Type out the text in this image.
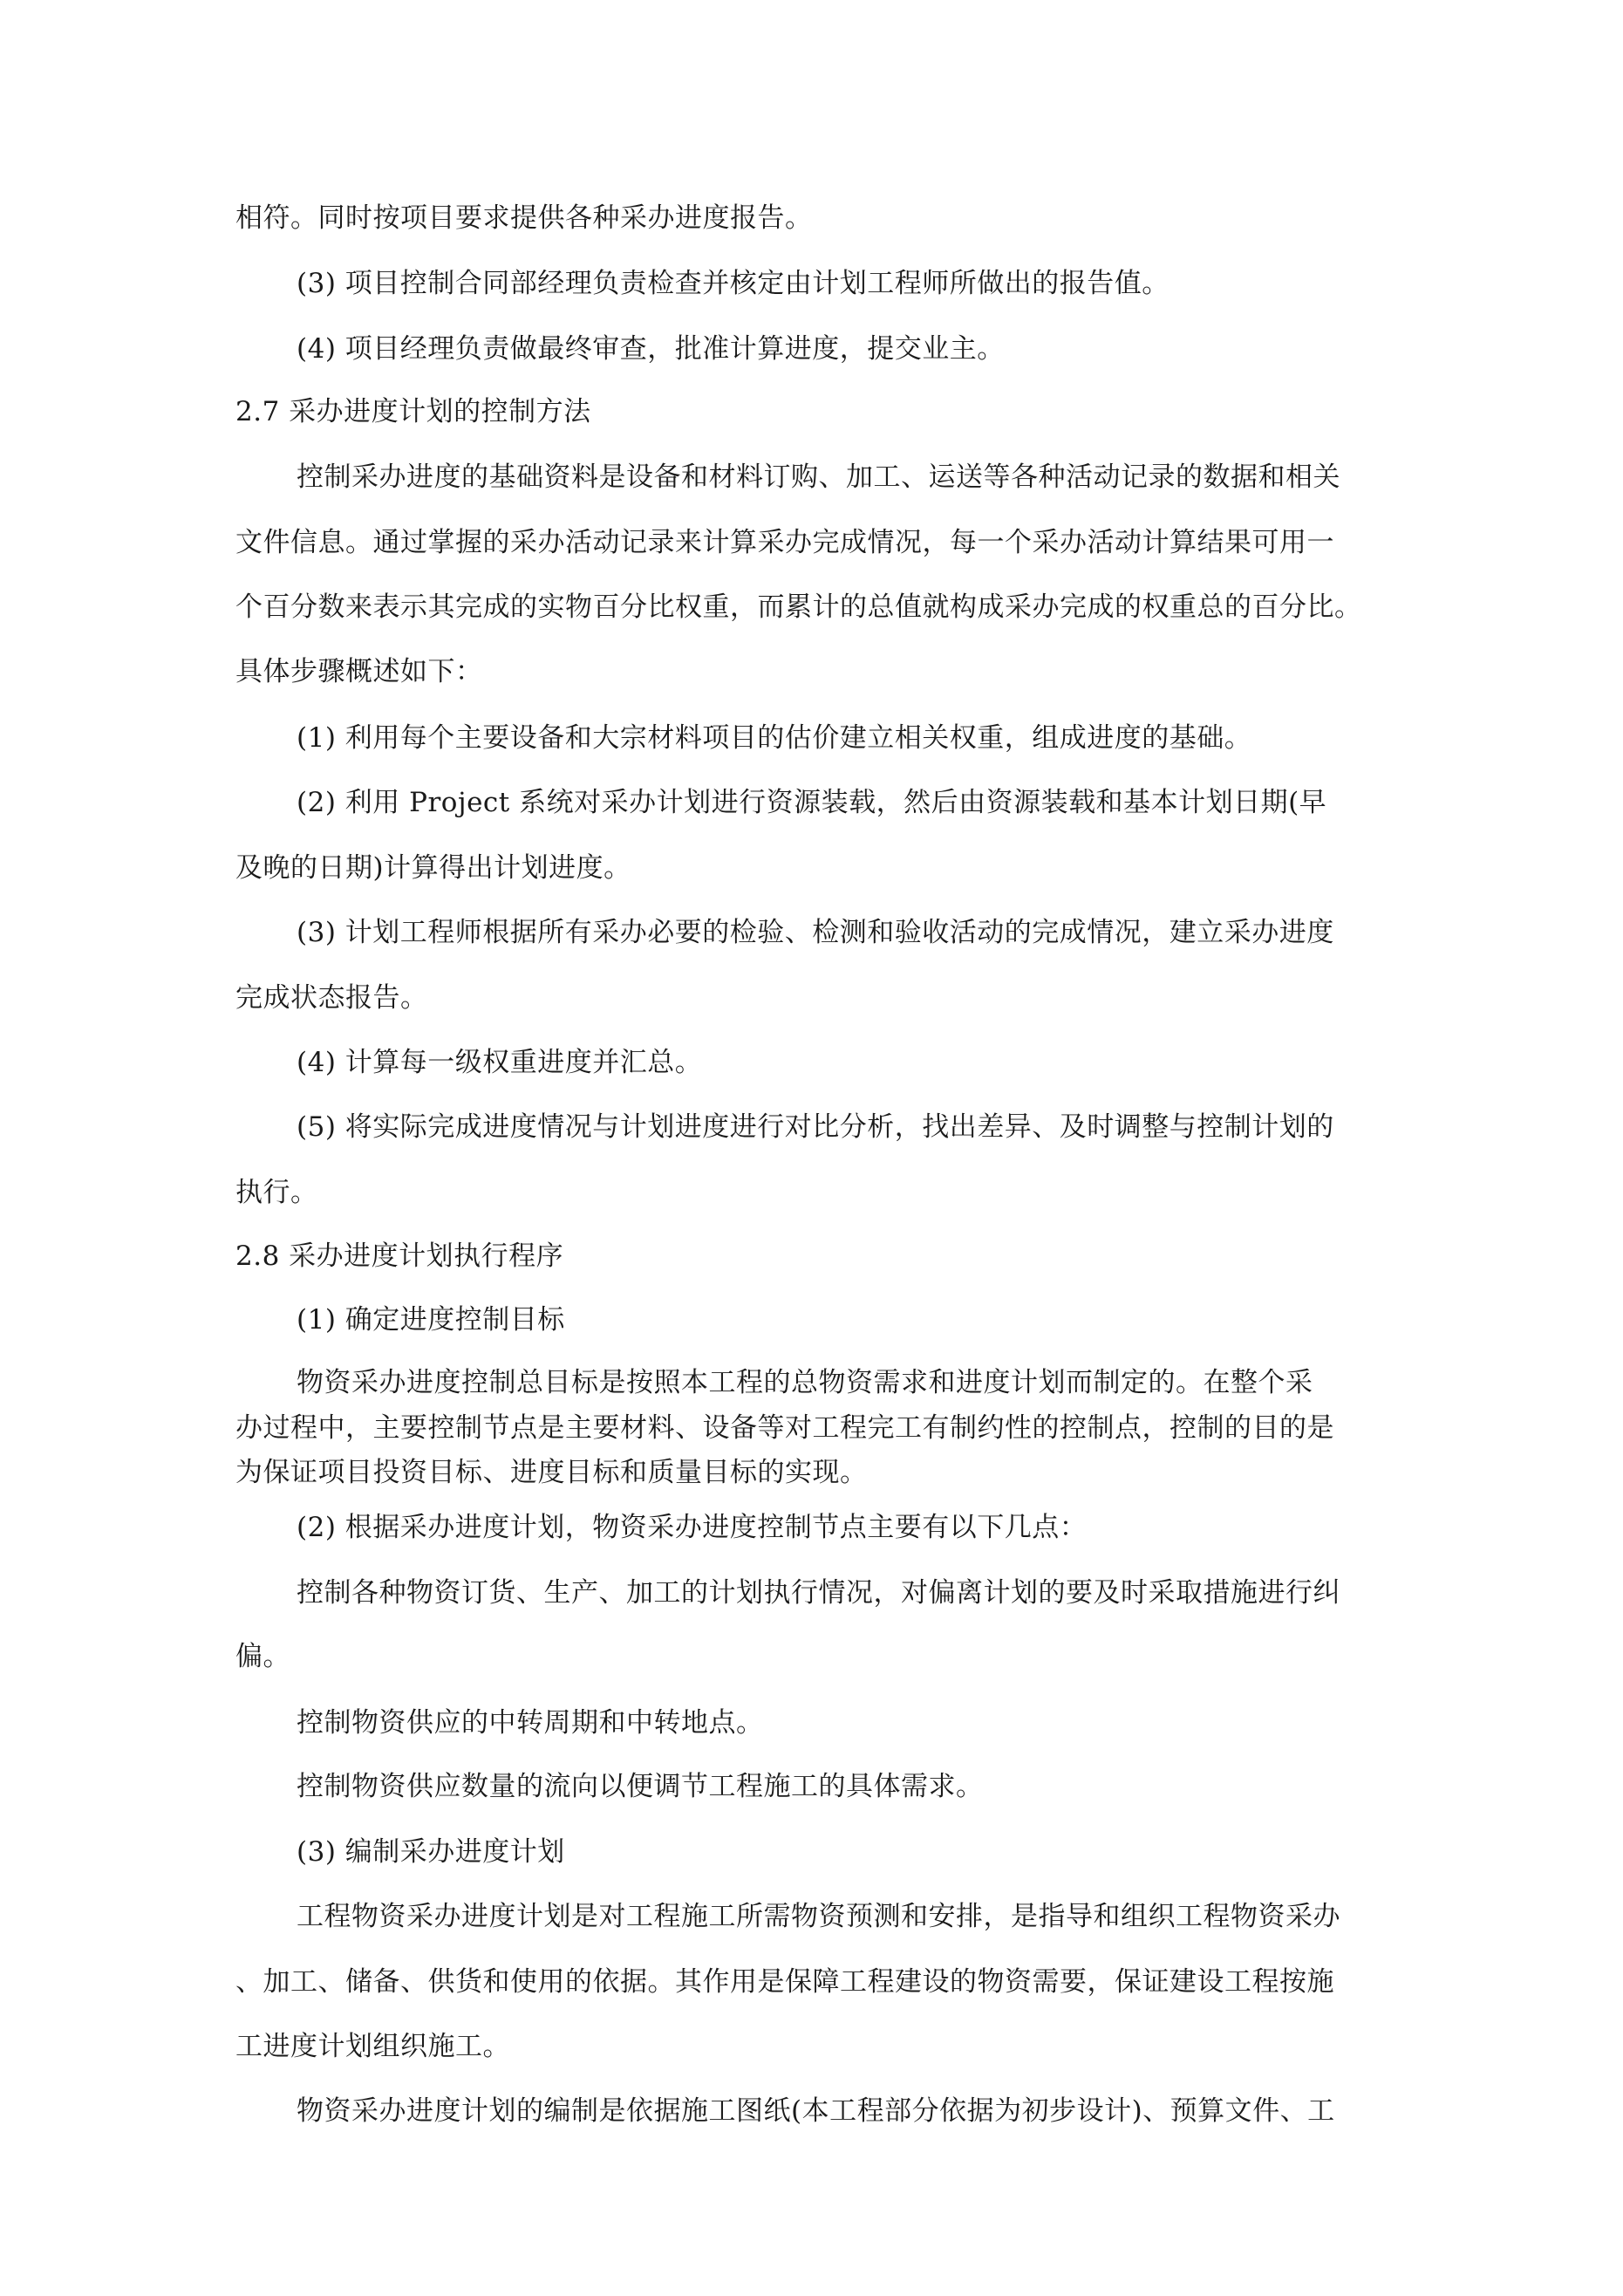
相符。同时按项目要求提供各种采办进度报告。
(3) 项目控制合同部经理负责检查并核定由计划工程师所做出的报告值。
(4) 项目经理负责做最终审查，批准计算进度，提交业主。
2.7 采办进度计划的控制方法
控制采办进度的基础资料是设备和材料订购、加工、运送等各种活动记录的数据和相关
文件信息。通过掌握的采办活动记录来计算采办完成情况，每一个采办活动计算结果可用一
个百分数来表示其完成的实物百分比权重，而累计的总值就构成采办完成的权重总的百分比。
具体步骤概述如下：
(1) 利用每个主要设备和大宗材料项目的估价建立相关权重，组成进度的基础。
(2) 利用 Project 系统对采办计划进行资源装载，然后由资源装载和基本计划日期(早
及晚的日期)计算得出计划进度。
(3) 计划工程师根据所有采办必要的检验、检测和验收活动的完成情况，建立采办进度
完成状态报告。
(4) 计算每一级权重进度并汇总。
(5) 将实际完成进度情况与计划进度进行对比分析，找出差异、及时调整与控制计划的
执行。
2.8 采办进度计划执行程序
(1) 确定进度控制目标
物资采办进度控制总目标是按照本工程的总物资需求和进度计划而制定的。在整个采
办过程中，主要控制节点是主要材料、设备等对工程完工有制约性的控制点，控制的目的是
为保证项目投资目标、进度目标和质量目标的实现。
(2) 根据采办进度计划，物资采办进度控制节点主要有以下几点：
控制各种物资订货、生产、加工的计划执行情况，对偏离计划的要及时采取措施进行纠
偏。
控制物资供应的中转周期和中转地点。
控制物资供应数量的流向以便调节工程施工的具体需求。
(3) 编制采办进度计划
工程物资采办进度计划是对工程施工所需物资预测和安排，是指导和组织工程物资采办
、加工、储备、供货和使用的依据。其作用是保障工程建设的物资需要，保证建设工程按施
工进度计划组织施工。
物资采办进度计划的编制是依据施工图纸(本工程部分依据为初步设计)、预算文件、工
